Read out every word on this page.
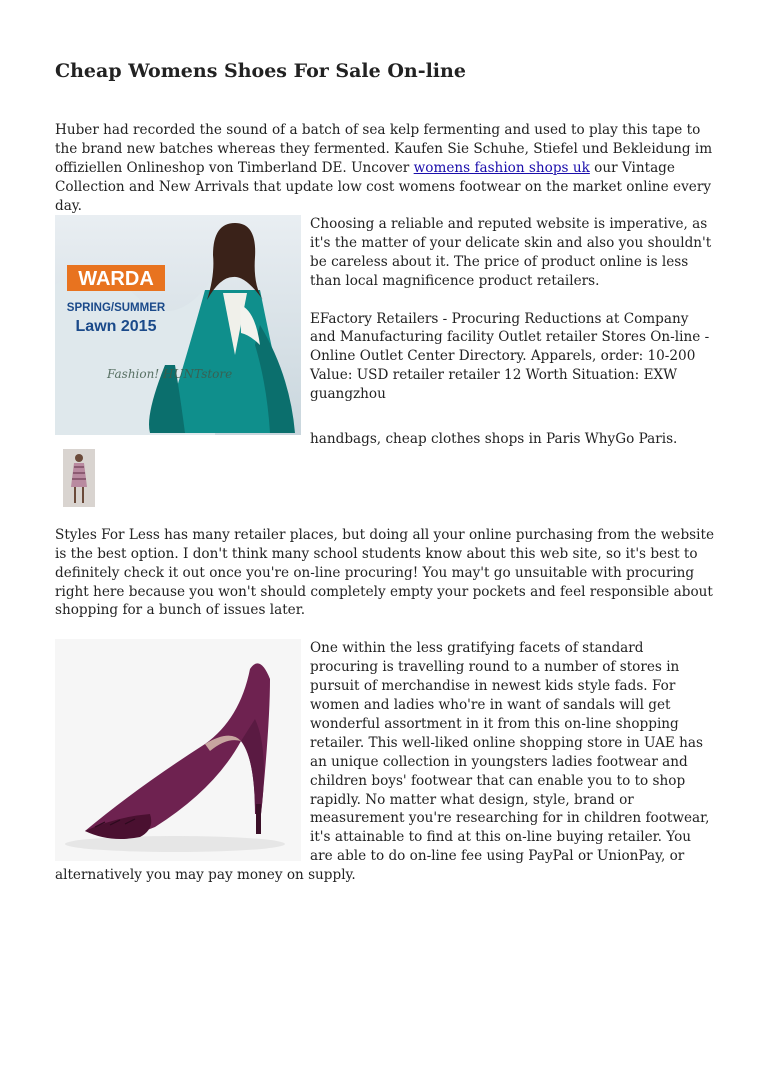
Cheap Womens Shoes For Sale On-line

Huber had recorded the sound of a batch of sea kelp fermenting and used to play this tape to the brand new batches whereas they fermented. Kaufen Sie Schuhe, Stiefel und Bekleidung im offiziellen Onlineshop von Timberland DE. Uncover womens fashion shops uk our Vintage Collection and New Arrivals that update low cost womens footwear on the market online every day.

WARDA
SPRING/SUMMER
Lawn 2015
Fashion! HUNTstore
Choosing a reliable and reputed website is imperative, as it's the matter of your delicate skin and also you shouldn't be careless about it. The price of product online is less than local magnificence product retailers.

EFactory Retailers - Procuring Reductions at Company and Manufacturing facility Outlet retailer Stores On-line - Online Outlet Center Directory. Apparels, order: 10-200 Value: USD retailer retailer 12 Worth Situation: EXW guangzhou

handbags, cheap clothes shops in Paris WhyGo Paris.

Styles For Less has many retailer places, but doing all your online purchasing from the website is the best option. I don't think many school students know about this web site, so it's best to definitely check it out once you're on-line procuring! You may't go unsuitable with procuring right here because you won't should completely empty your pockets and feel responsible about shopping for a bunch of issues later.

One within the less gratifying facets of standard procuring is travelling round to a number of stores in pursuit of merchandise in newest kids style fads. For women and ladies who're in want of sandals will get wonderful assortment in it from this on-line shopping retailer. This well-liked online shopping store in UAE has an unique collection in youngsters ladies footwear and children boys' footwear that can enable you to to shop rapidly. No matter what design, style, brand or measurement you're researching for in children footwear, it's attainable to find at this on-line buying retailer. You are able to do on-line fee using PayPal or UnionPay, or alternatively you may pay money on supply.
